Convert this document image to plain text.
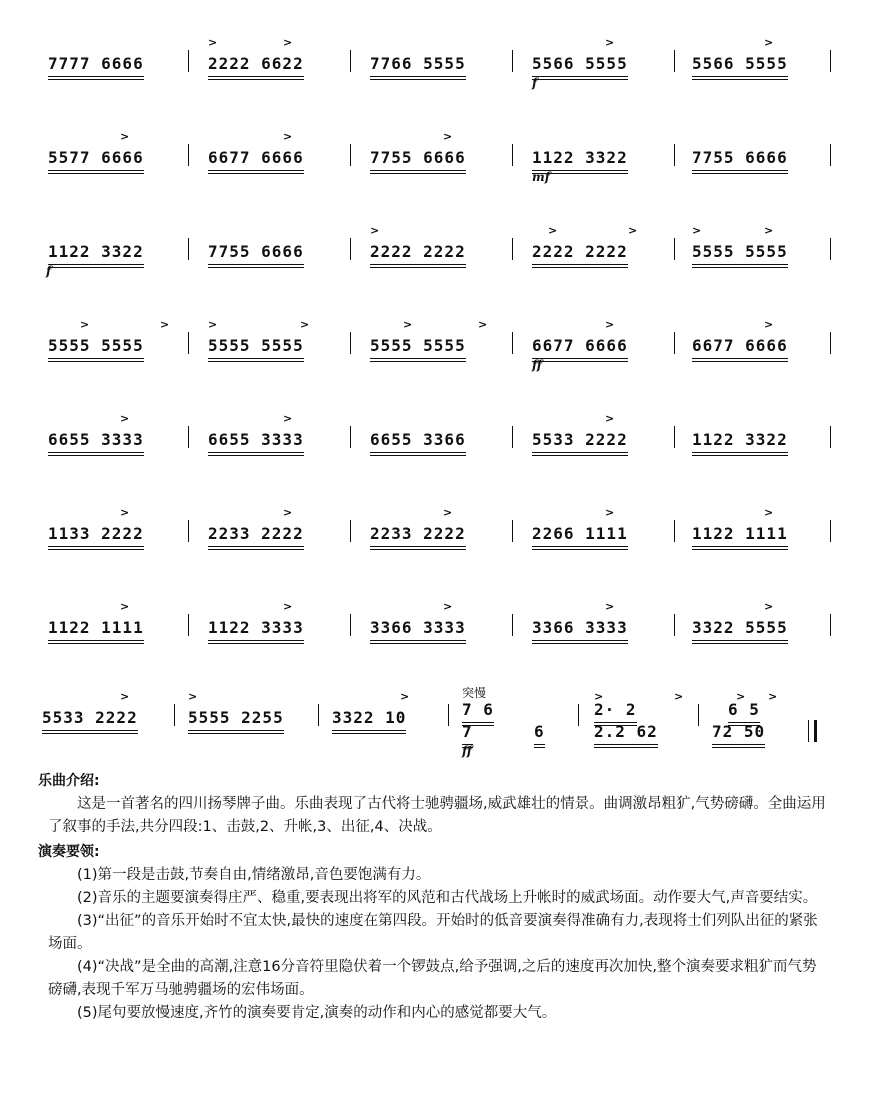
7777 6666
>	>
2222 6622	7766 5555
>
5566 5555
f
>
5566 5555
>
5577 6666
>
6677 6666
>
7755 6666	1122 3322
mf
7755 6666
1122 3322
f
7755 6666
>
2222 2222
>	>
2222 2222
>	>
5555 5555
>	>
5555 5555
>	>
5555 5555
>	>
5555 5555
>
6677 6666
ff
>
6677 6666
>
6655 3333
>
6655 3333	6655 3366
>
5533 2222	1122 3322
>
1133 2222
>
2233 2222
>
2233 2222
>
2266 1111
>
1122 1111
>
1122 1111
>
1122 3333
>
3366 3333
>
3366 3333
>
3322 5555
>
5533 2222
>
5555 2255
>
3322 10
突慢
7 6
7	6
ff
>	>
2· 2
2.2 62
> >
6 5
72 50
乐曲介绍:
这是一首著名的四川扬琴牌子曲。乐曲表现了古代将士驰骋疆场,威武雄壮的情景。曲调激昂粗犷,气势磅礴。全曲运用了叙事的手法,共分四段:1、击鼓,2、升帐,3、出征,4、决战。
演奏要领:
(1)第一段是击鼓,节奏自由,情绪激昂,音色要饱满有力。
(2)音乐的主题要演奏得庄严、稳重,要表现出将军的风范和古代战场上升帐时的威武场面。动作要大气,声音要结实。
(3)“出征”的音乐开始时不宜太快,最快的速度在第四段。开始时的低音要演奏得准确有力,表现将士们列队出征的紧张场面。
(4)“决战”是全曲的高潮,注意16分音符里隐伏着一个锣鼓点,给予强调,之后的速度再次加快,整个演奏要求粗犷而气势磅礴,表现千军万马驰骋疆场的宏伟场面。
(5)尾句要放慢速度,齐竹的演奏要肯定,演奏的动作和内心的感觉都要大气。
